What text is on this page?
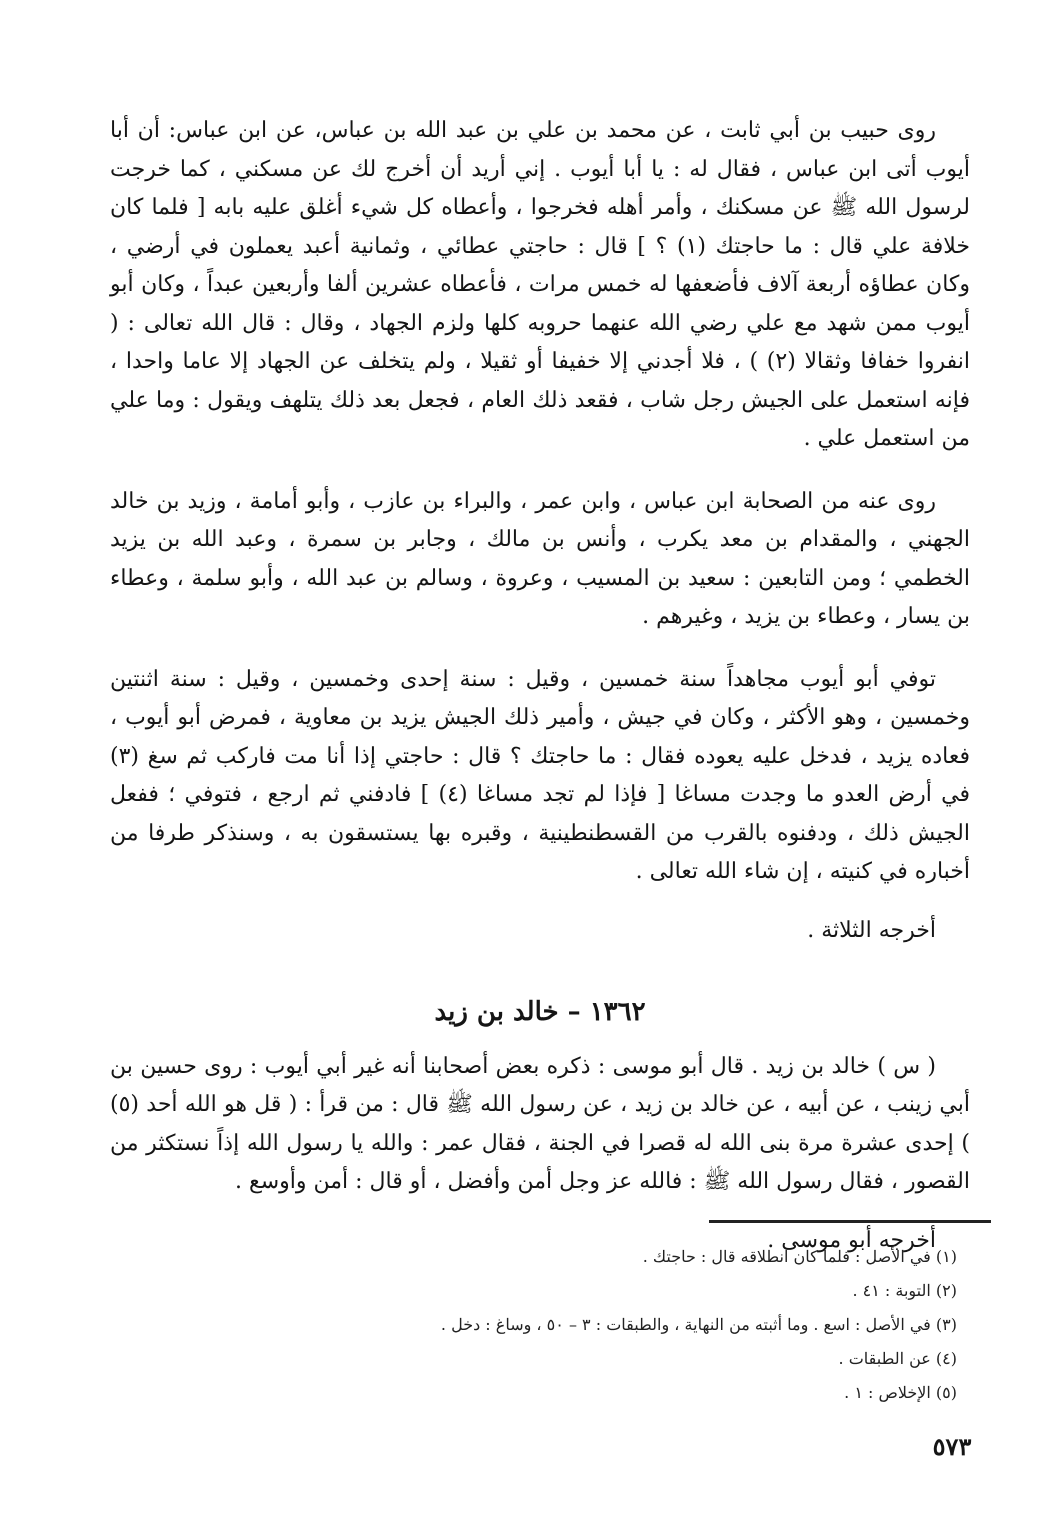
روى حبيب بن أبي ثابت ، عن محمد بن علي بن عبد الله بن عباس، عن ابن عباس: أن أبا أيوب أتى ابن عباس ، فقال له : يا أبا أيوب . إني أريد أن أخرج لك عن مسكني ، كما خرجت لرسول الله ﷺ عن مسكنك ، وأمر أهله فخرجوا ، وأعطاه كل شيء أغلق عليه بابه [ فلما كان خلافة علي قال : ما حاجتك (١) ؟ ] قال : حاجتي عطائي ، وثمانية أعبد يعملون في أرضي ، وكان عطاؤه أربعة آلاف فأضعفها له خمس مرات ، فأعطاه عشرين ألفا وأربعين عبداً ، وكان أبو أيوب ممن شهد مع علي رضي الله عنهما حروبه كلها ولزم الجهاد ، وقال : قال الله تعالى : ( انفروا خفافا وثقالا (٢) ) ، فلا أجدني إلا خفيفا أو ثقيلا ، ولم يتخلف عن الجهاد إلا عاما واحدا ، فإنه استعمل على الجيش رجل شاب ، فقعد ذلك العام ، فجعل بعد ذلك يتلهف ويقول : وما علي من استعمل علي .

روى عنه من الصحابة ابن عباس ، وابن عمر ، والبراء بن عازب ، وأبو أمامة ، وزيد بن خالد الجهني ، والمقدام بن معد يكرب ، وأنس بن مالك ، وجابر بن سمرة ، وعبد الله بن يزيد الخطمي ؛ ومن التابعين : سعيد بن المسيب ، وعروة ، وسالم بن عبد الله ، وأبو سلمة ، وعطاء بن يسار ، وعطاء بن يزيد ، وغيرهم .

توفي أبو أيوب مجاهداً سنة خمسين ، وقيل : سنة إحدى وخمسين ، وقيل : سنة اثنتين وخمسين ، وهو الأكثر ، وكان في جيش ، وأمير ذلك الجيش يزيد بن معاوية ، فمرض أبو أيوب ، فعاده يزيد ، فدخل عليه يعوده فقال : ما حاجتك ؟ قال : حاجتي إذا أنا مت فاركب ثم سغ (٣) في أرض العدو ما وجدت مساغا [ فإذا لم تجد مساغا (٤) ] فادفني ثم ارجع ، فتوفي ؛ ففعل الجيش ذلك ، ودفنوه بالقرب من القسطنطينية ، وقبره بها يستسقون به ، وسنذكر طرفا من أخباره في كنيته ، إن شاء الله تعالى .

أخرجه الثلاثة .

١٣٦٢ – خالد بن زيد

( س ) خالد بن زيد . قال أبو موسى : ذكره بعض أصحابنا أنه غير أبي أيوب : روى حسين بن أبي زينب ، عن أبيه ، عن خالد بن زيد ، عن رسول الله ﷺ قال : من قرأ : ( قل هو الله أحد (٥) ) إحدى عشرة مرة بنى الله له قصرا في الجنة ، فقال عمر : والله يا رسول الله إذاً نستكثر من القصور ، فقال رسول الله ﷺ : فالله عز وجل أمن وأفضل ، أو قال : أمن وأوسع .

أخرجه أبو موسى .

(١) في الأصل : فلما كان انطلاقه قال : حاجتك .
(٢) التوبة : ٤١ .
(٣) في الأصل : اسع . وما أثبته من النهاية ، والطبقات : ٣ – ٥٠ ، وساغ : دخل .
(٤) عن الطبقات .
(٥) الإخلاص : ١ .
٥٧٣
